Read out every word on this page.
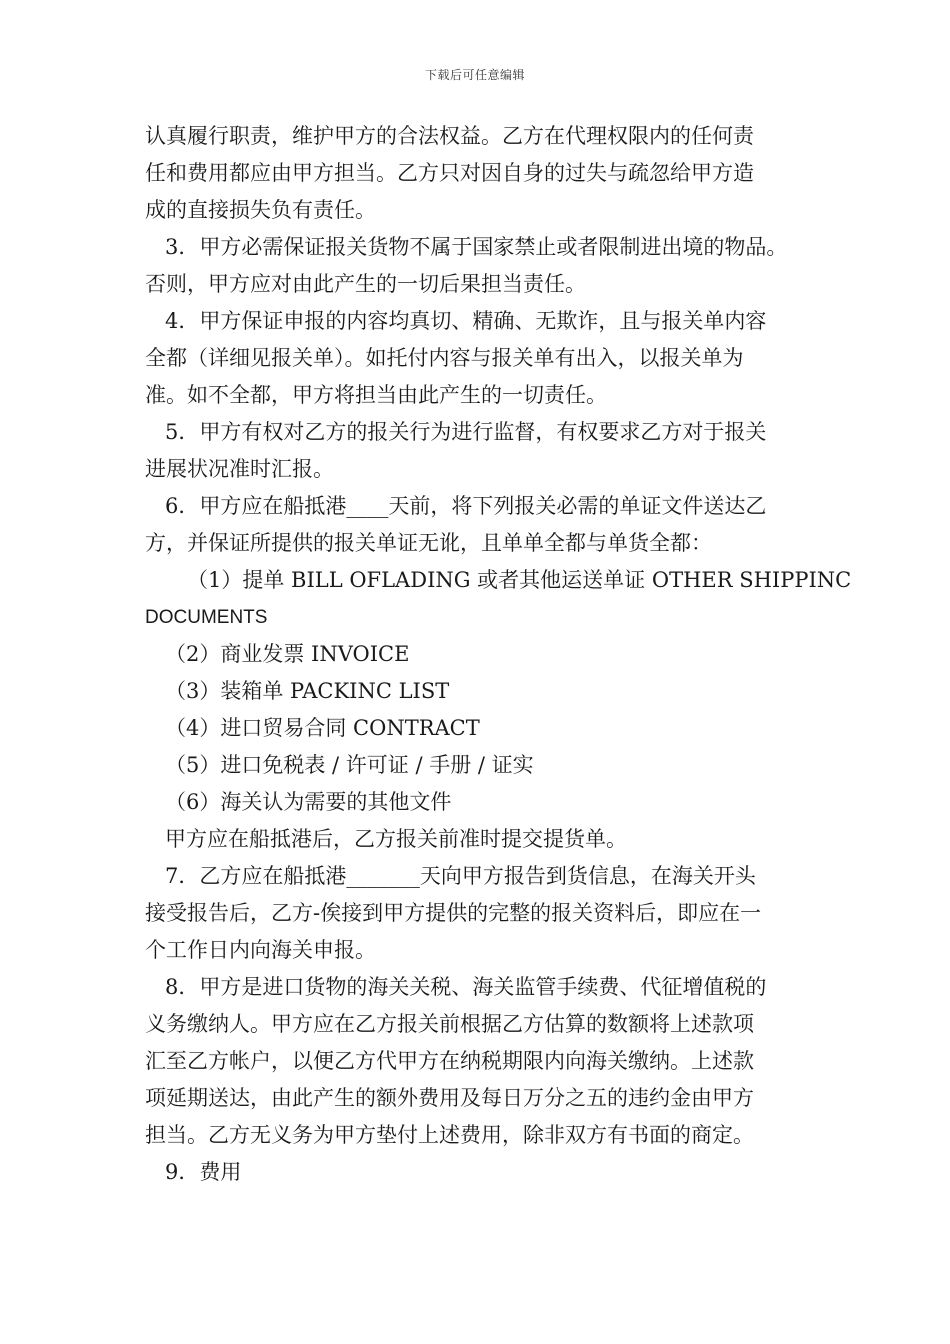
下载后可任意编辑
认真履行职责，维护甲方的合法权益。乙方在代理权限内的任何责
任和费用都应由甲方担当。乙方只对因自身的过失与疏忽给甲方造
成的直接损失负有责任。
3．甲方必需保证报关货物不属于国家禁止或者限制进出境的物品。
否则，甲方应对由此产生的一切后果担当责任。
4．甲方保证申报的内容均真切、精确、无欺诈，且与报关单内容
全都（详细见报关单）。如托付内容与报关单有出入，以报关单为
准。如不全都，甲方将担当由此产生的一切责任。
5．甲方有权对乙方的报关行为进行监督，有权要求乙方对于报关
进展状况准时汇报。
6．甲方应在船抵港____天前，将下列报关必需的单证文件送达乙
方，并保证所提供的报关单证无讹，且单单全都与单货全都：
（1）提单 BILL OFLADING 或者其他运送单证 OTHER SHIPPINC
DOCUMENTS
（2）商业发票 INVOICE
（3）装箱单 PACKINC LIST
（4）进口贸易合同 CONTRACT
（5）进口免税表 / 许可证 / 手册 / 证实
（6）海关认为需要的其他文件
甲方应在船抵港后，乙方报关前准时提交提货单。
7．乙方应在船抵港_______天向甲方报告到货信息，在海关开头
接受报告后，乙方-俟接到甲方提供的完整的报关资料后，即应在一
个工作日内向海关申报。
8．甲方是进口货物的海关关税、海关监管手续费、代征增值税的
义务缴纳人。甲方应在乙方报关前根据乙方估算的数额将上述款项
汇至乙方帐户，以便乙方代甲方在纳税期限内向海关缴纳。上述款
项延期送达，由此产生的额外费用及每日万分之五的违约金由甲方
担当。乙方无义务为甲方垫付上述费用，除非双方有书面的商定。
9．费用
